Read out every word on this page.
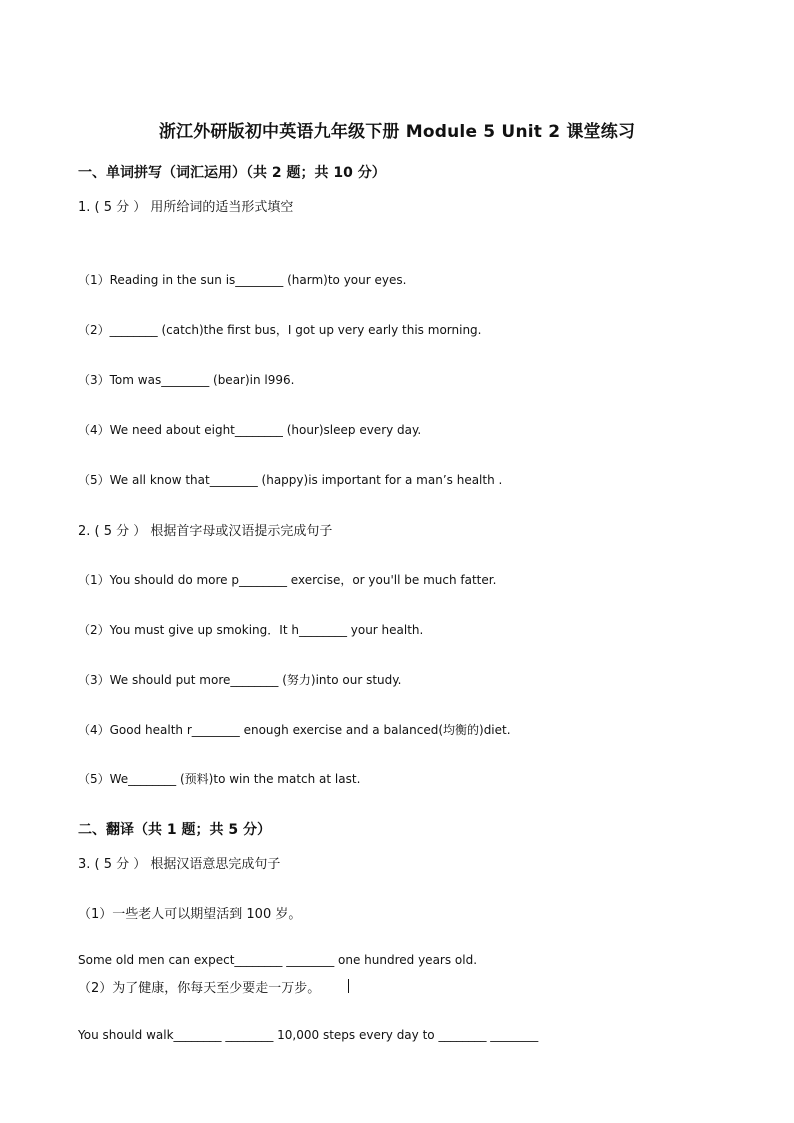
浙江外研版初中英语九年级下册 Module 5 Unit 2 课堂练习
一、单词拼写（词汇运用）（共 2 题；共 10 分）
1. ( 5 分 ） 用所给词的适当形式填空
（1）Reading in the sun is________ (harm)to your eyes.
（2）________ (catch)the first bus，I got up very early this morning.
（3）Tom was________ (bear)in l996.
（4）We need about eight________ (hour)sleep every day.
（5）We all know that________ (happy)is important for a man’s health .
2. ( 5 分 ） 根据首字母或汉语提示完成句子
（1）You should do more p________ exercise，or you'll be much fatter.
（2）You must give up smoking．It h________ your health.
（3）We should put more________ (努力)into our study.
（4）Good health r________ enough exercise and a balanced(均衡的)diet.
（5）We________ (预料)to win the match at last.
二、翻译（共 1 题；共 5 分）
3. ( 5 分 ） 根据汉语意思完成句子
（1）一些老人可以期望活到 100 岁。
Some old men can expect________ ________ one hundred years old.
（2）为了健康，你每天至少要走一万步。
You should walk________ ________ 10,000 steps every day to ________ ________
